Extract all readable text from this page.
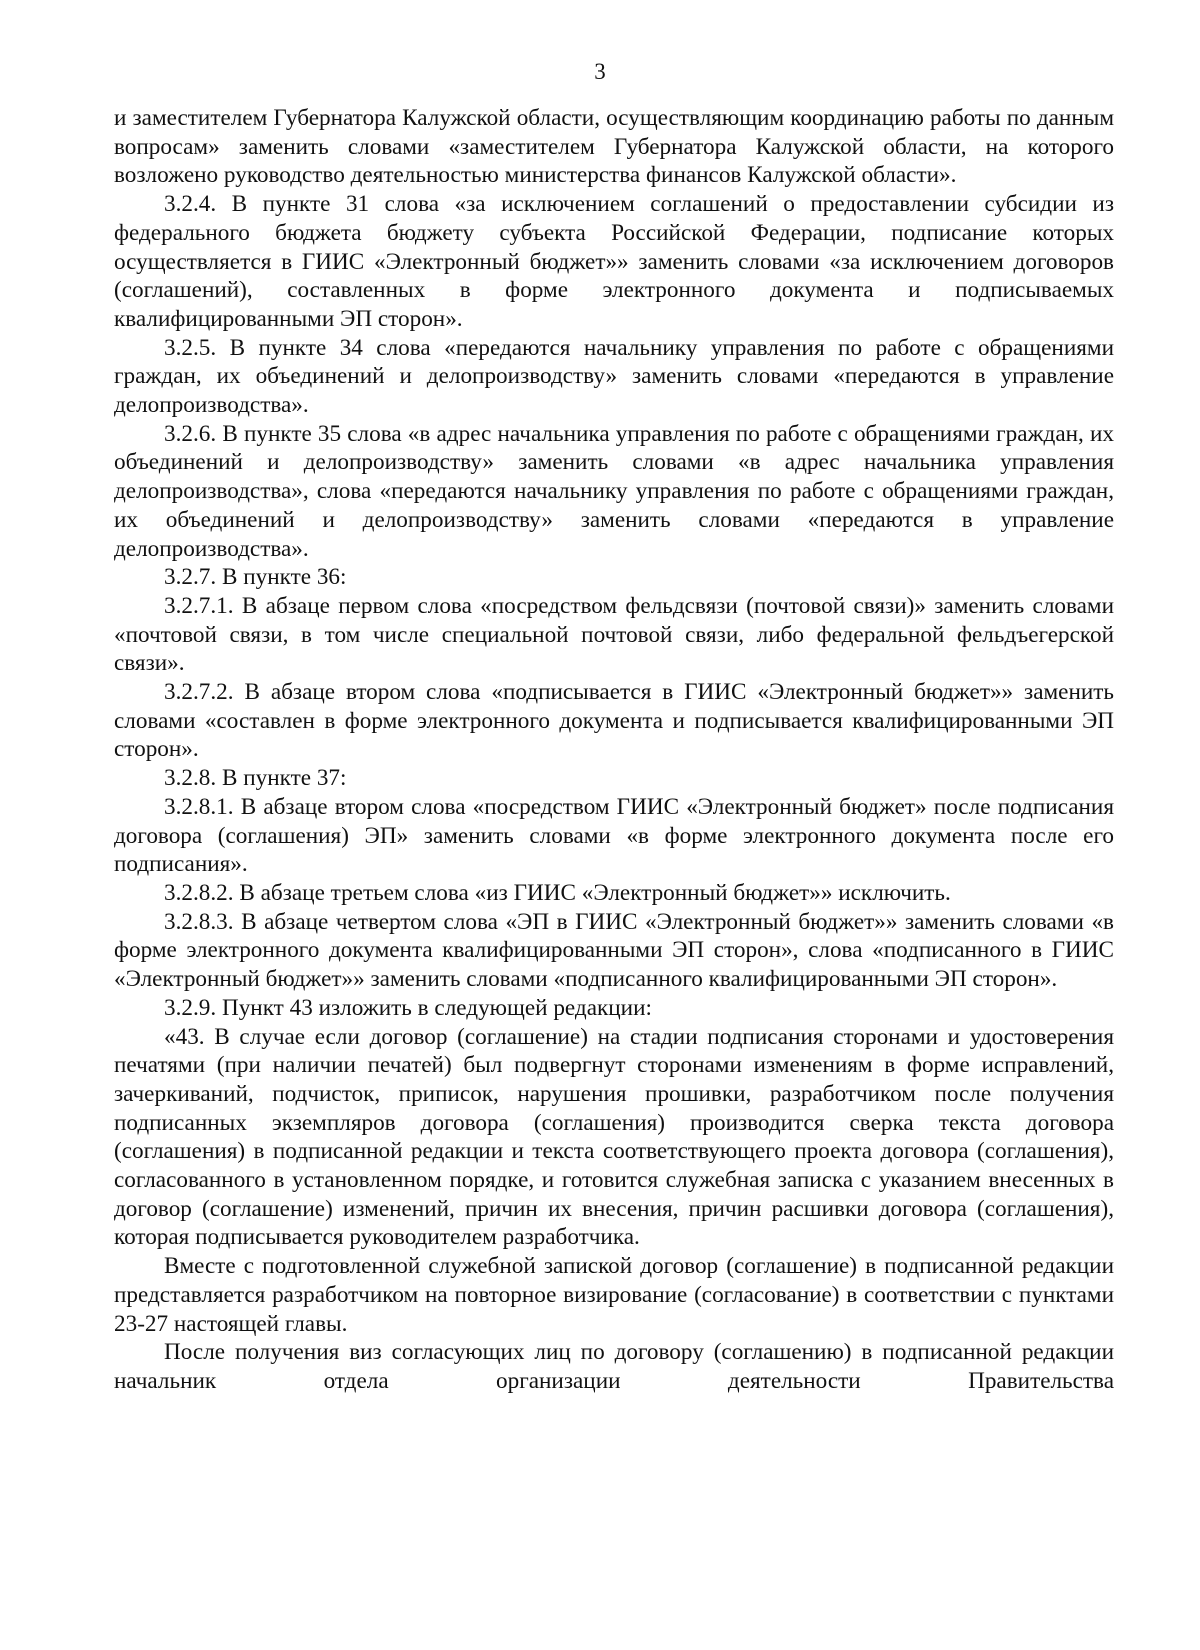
3

и заместителем Губернатора Калужской области, осуществляющим координацию работы по данным вопросам» заменить словами «заместителем Губернатора Калужской области, на которого возложено руководство деятельностью министерства финансов Калужской области».

3.2.4. В пункте 31 слова «за исключением соглашений о предоставлении субсидии из федерального бюджета бюджету субъекта Российской Федерации, подписание которых осуществляется в ГИИС «Электронный бюджет»» заменить словами «за исключением договоров (соглашений), составленных в форме электронного документа и подписываемых квалифицированными ЭП сторон».

3.2.5. В пункте 34 слова «передаются начальнику управления по работе с обращениями граждан, их объединений и делопроизводству» заменить словами «передаются в управление делопроизводства».

3.2.6. В пункте 35 слова «в адрес начальника управления по работе с обращениями граждан, их объединений и делопроизводству» заменить словами «в адрес начальника управления делопроизводства», слова «передаются начальнику управления по работе с обращениями граждан, их объединений и делопроизводству» заменить словами «передаются в управление делопроизводства».

3.2.7. В пункте 36:

3.2.7.1. В абзаце первом слова «посредством фельдсвязи (почтовой связи)» заменить словами «почтовой связи, в том числе специальной почтовой связи, либо федеральной фельдъегерской связи».

3.2.7.2. В абзаце втором слова «подписывается в ГИИС «Электронный бюджет»» заменить словами «составлен в форме электронного документа и подписывается квалифицированными ЭП сторон».

3.2.8. В пункте 37:

3.2.8.1. В абзаце втором слова «посредством ГИИС «Электронный бюджет» после подписания договора (соглашения) ЭП» заменить словами «в форме электронного документа после его подписания».

3.2.8.2. В абзаце третьем слова «из ГИИС «Электронный бюджет»» исключить.

3.2.8.3. В абзаце четвертом слова «ЭП в ГИИС «Электронный бюджет»» заменить словами «в форме электронного документа квалифицированными ЭП сторон», слова «подписанного в ГИИС «Электронный бюджет»» заменить словами «подписанного квалифицированными ЭП сторон».

3.2.9. Пункт 43 изложить в следующей редакции:

«43. В случае если договор (соглашение) на стадии подписания сторонами и удостоверения печатями (при наличии печатей) был подвергнут сторонами изменениям в форме исправлений, зачеркиваний, подчисток, приписок, нарушения прошивки, разработчиком после получения подписанных экземпляров договора (соглашения) производится сверка текста договора (соглашения) в подписанной редакции и текста соответствующего проекта договора (соглашения), согласованного в установленном порядке, и готовится служебная записка с указанием внесенных в договор (соглашение) изменений, причин их внесения, причин расшивки договора (соглашения), которая подписывается руководителем разработчика.

Вместе с подготовленной служебной запиской договор (соглашение) в подписанной редакции представляется разработчиком на повторное визирование (согласование) в соответствии с пунктами 23-27 настоящей главы.

После получения виз согласующих лиц по договору (соглашению) в подписанной редакции начальник отдела организации деятельности Правительства
